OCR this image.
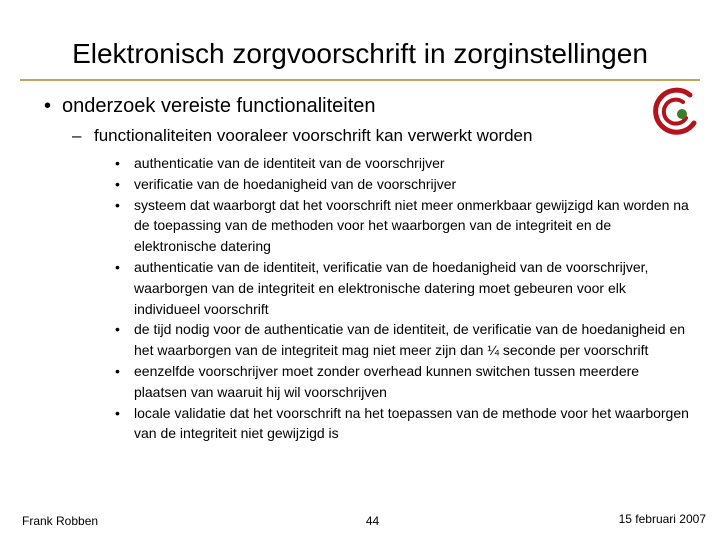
Elektronisch zorgvoorschrift in zorginstellingen
• onderzoek vereiste functionaliteiten
– functionaliteiten vooraleer voorschrift kan verwerkt worden
• authenticatie van de identiteit van de voorschrijver
• verificatie van de hoedanigheid van de voorschrijver
• systeem dat waarborgt dat het voorschrift niet meer onmerkbaar gewijzigd kan worden na de toepassing van de methoden voor het waarborgen van de integriteit en de elektronische datering
• authenticatie van de identiteit, verificatie van de hoedanigheid van de voorschrijver, waarborgen van de integriteit en elektronische datering moet gebeuren voor elk individueel voorschrift
• de tijd nodig voor de authenticatie van de identiteit, de verificatie van de hoedanigheid en het waarborgen van de integriteit mag niet meer zijn dan ¼ seconde per voorschrift
• eenzelfde voorschrijver moet zonder overhead kunnen switchen tussen meerdere plaatsen van waaruit hij wil voorschrijven
• locale validatie dat het voorschrift na het toepassen van de methode voor het waarborgen van de integriteit niet gewijzigd is
Frank Robben	44	15 februari 2007
